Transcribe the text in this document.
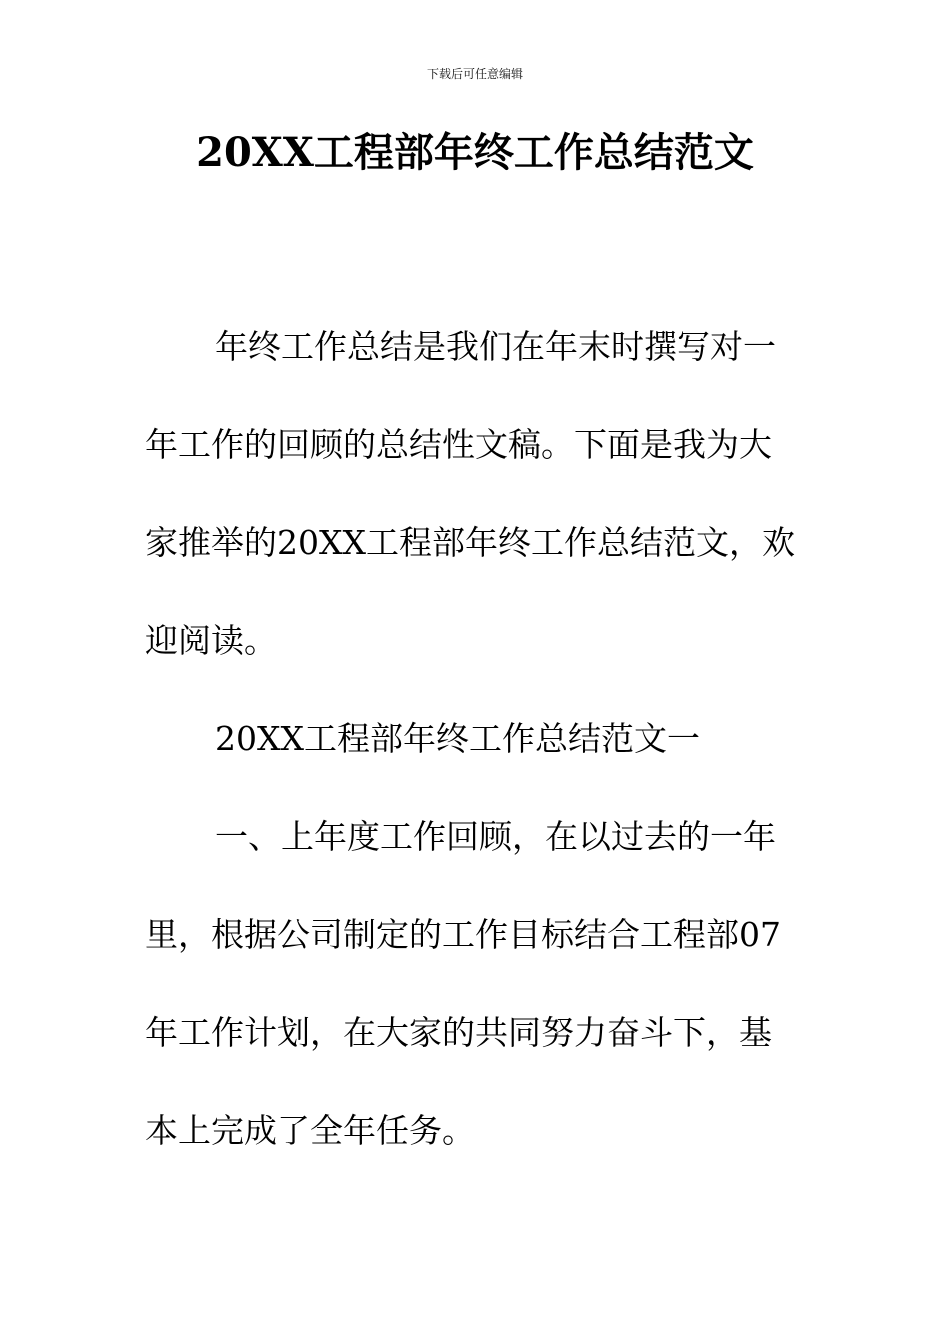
下载后可任意编辑
20XX工程部年终工作总结范文

年终工作总结是我们在年末时撰写对一年工作的回顾的总结性文稿。下面是我为大家推举的20XX工程部年终工作总结范文，欢迎阅读。

20XX工程部年终工作总结范文一

一、上年度工作回顾，在以过去的一年里，根据公司制定的工作目标结合工程部07年工作计划，在大家的共同努力奋斗下，基本上完成了全年任务。
